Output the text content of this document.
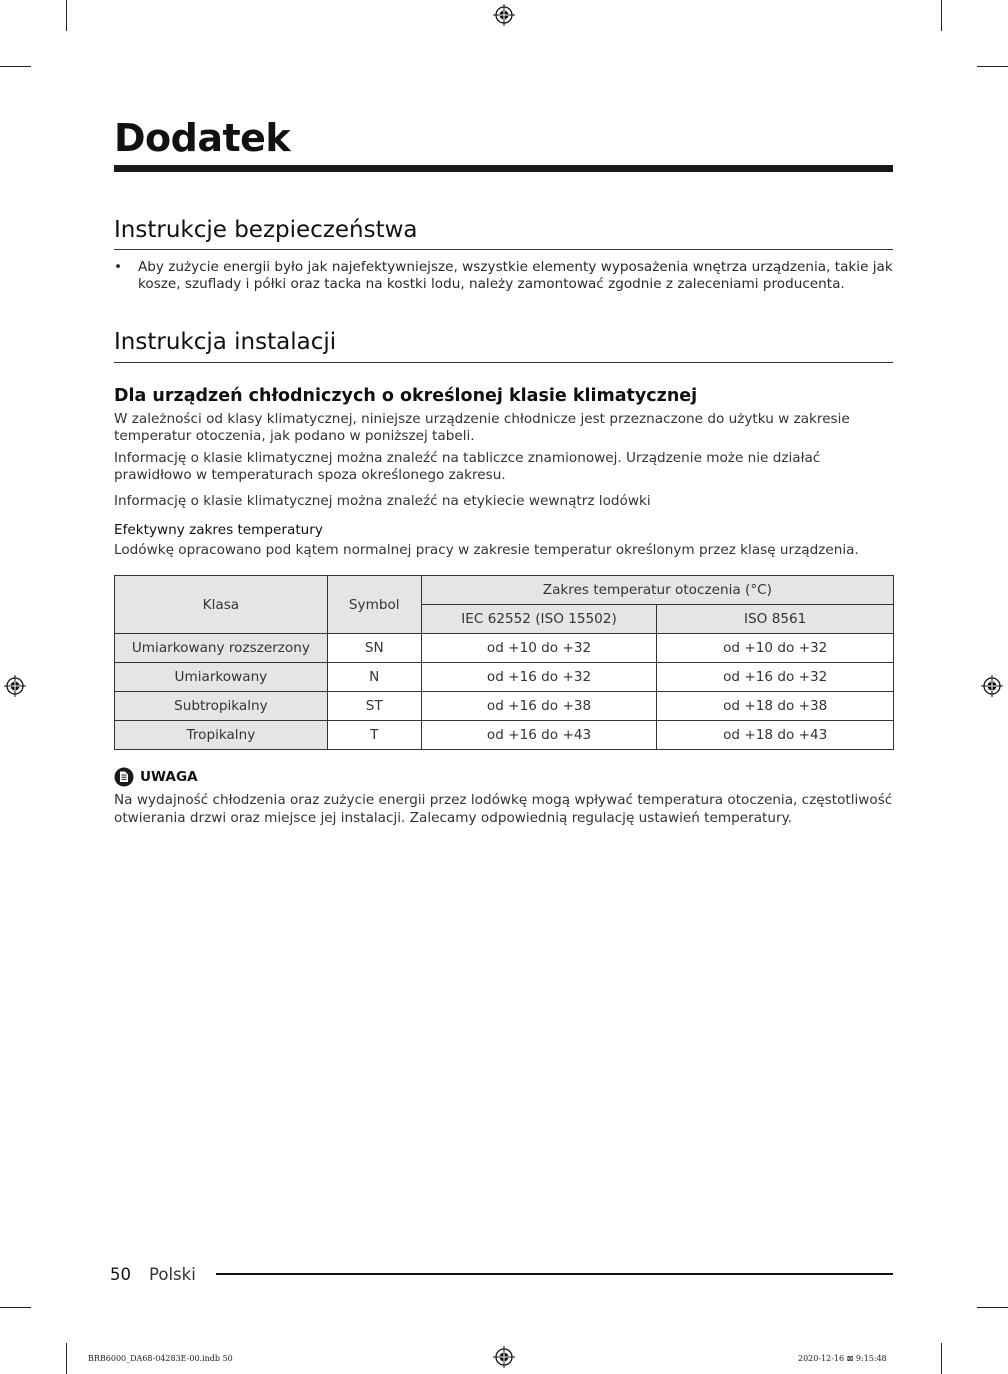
Dodatek
Instrukcje bezpieczeństwa
• Aby zużycie energii było jak najefektywniejsze, wszystkie elementy wyposażenia wnętrza urządzenia, takie jak kosze, szuflady i półki oraz tacka na kostki lodu, należy zamontować zgodnie z zaleceniami producenta.
Instrukcja instalacji
Dla urządzeń chłodniczych o określonej klasie klimatycznej

W zależności od klasy klimatycznej, niniejsze urządzenie chłodnicze jest przeznaczone do użytku w zakresie temperatur otoczenia, jak podano w poniższej tabeli.

Informację o klasie klimatycznej można znaleźć na tabliczce znamionowej. Urządzenie może nie działać prawidłowo w temperaturach spoza określonego zakresu.

Informację o klasie klimatycznej można znaleźć na etykiecie wewnątrz lodówki

Efektywny zakres temperatury

Lodówkę opracowano pod kątem normalnej pracy w zakresie temperatur określonym przez klasę urządzenia.

Klasa	Symbol	Zakres temperatur otoczenia (°C)	
		IEC 62552 (ISO 15502)	ISO 8561
Umiarkowany rozszerzony	SN	od +10 do +32	od +10 do +32
Umiarkowany	N	od +16 do +32	od +16 do +32
Subtropikalny	ST	od +16 do +38	od +18 do +38
Tropikalny	T	od +16 do +43	od +18 do +43
UWAGA

Na wydajność chłodzenia oraz zużycie energii przez lodówkę mogą wpływać temperatura otoczenia, częstotliwość otwierania drzwi oraz miejsce jej instalacji. Zalecamy odpowiednią regulację ustawień temperatury.

50 Polski
BRB6000_DA68-04283E-00.indb 50	2020-12-16 ⊠ 9:15:48
